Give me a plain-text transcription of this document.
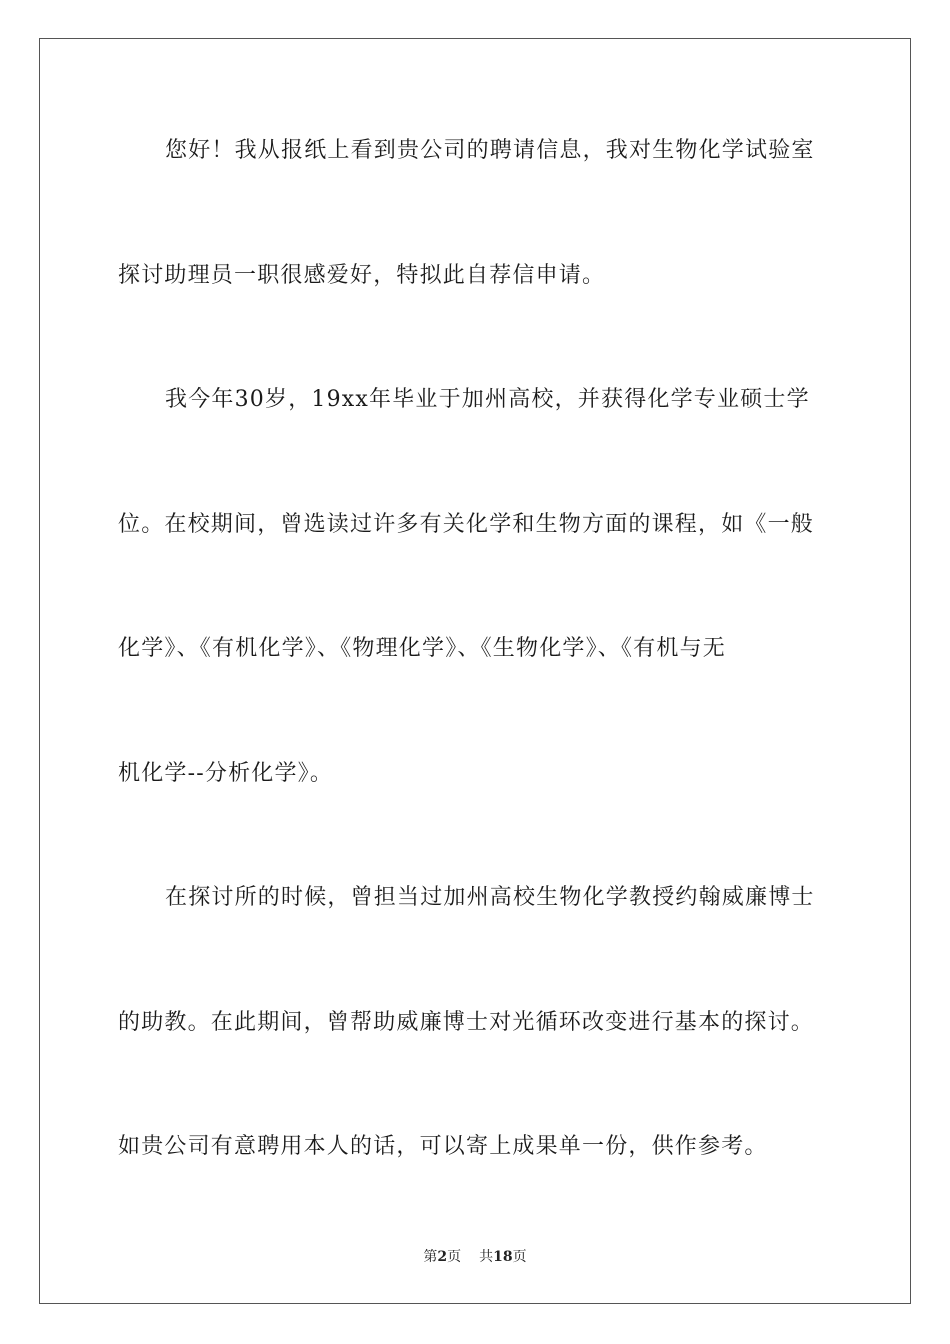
您好！我从报纸上看到贵公司的聘请信息，我对生物化学试验室
探讨助理员一职很感爱好，特拟此自荐信申请。
我今年30岁，19xx年毕业于加州高校，并获得化学专业硕士学
位。在校期间，曾选读过许多有关化学和生物方面的课程，如《一般
化学》、《有机化学》、《物理化学》、《生物化学》、《有机与无
机化学--分析化学》。
在探讨所的时候，曾担当过加州高校生物化学教授约翰威廉博士
的助教。在此期间，曾帮助威廉博士对光循环改变进行基本的探讨。
如贵公司有意聘用本人的话，可以寄上成果单一份，供作参考。
第2页 共18页
